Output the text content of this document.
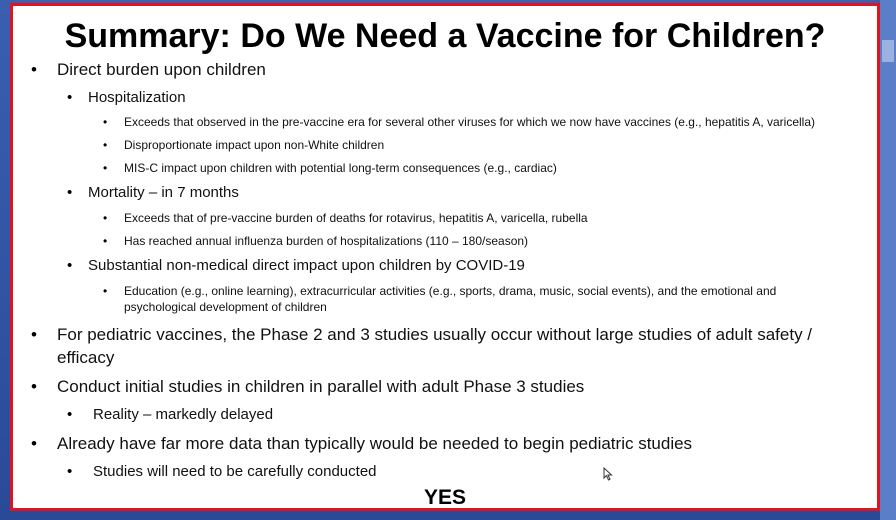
Summary: Do We Need a Vaccine for Children?
• Direct burden upon children
• Hospitalization
• Exceeds that observed in the pre-vaccine era for several other viruses for which we now have vaccines (e.g., hepatitis A, varicella)
• Disproportionate impact upon non-White children
• MIS-C impact upon children with potential long-term consequences (e.g., cardiac)
• Mortality – in 7 months
• Exceeds that of pre-vaccine burden of deaths for rotavirus, hepatitis A, varicella, rubella
• Has reached annual influenza burden of hospitalizations (110 – 180/season)
• Substantial non-medical direct impact upon children by COVID-19
• Education (e.g., online learning), extracurricular activities (e.g., sports, drama, music, social events), and the emotional and
psychological development of children
• For pediatric vaccines, the Phase 2 and 3 studies usually occur without large studies of adult safety /
efficacy
• Conduct initial studies in children in parallel with adult Phase 3 studies
• Reality – markedly delayed
• Already have far more data than typically would be needed to begin pediatric studies
• Studies will need to be carefully conducted
YES
